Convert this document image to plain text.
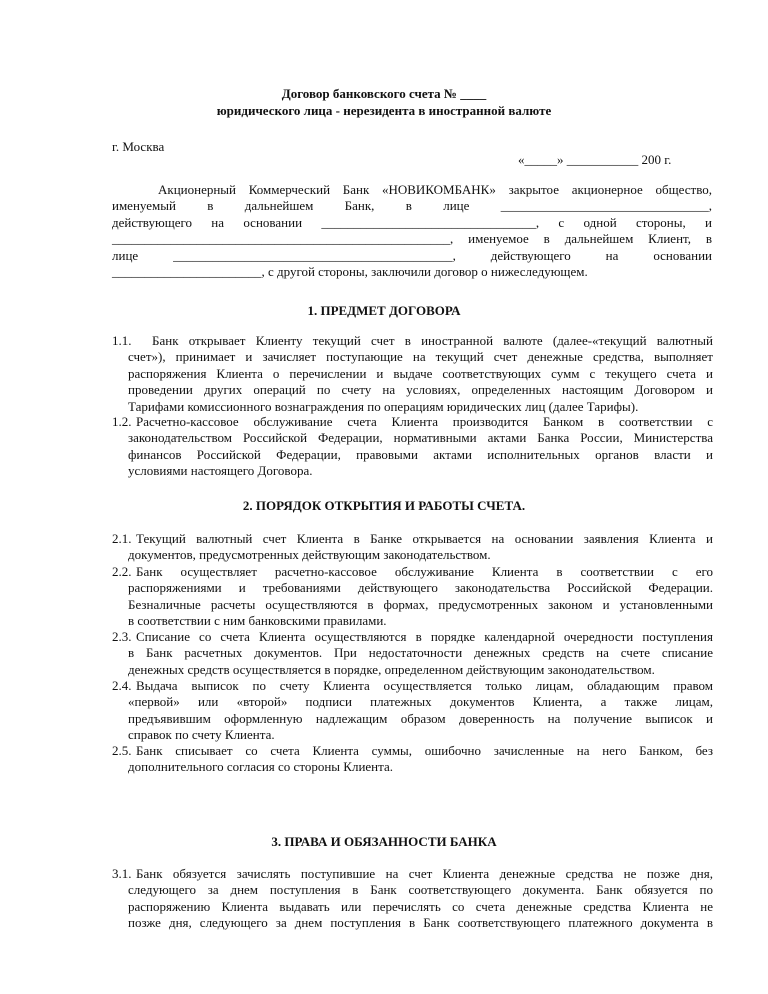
Договор банковского счета № ____
юридического лица - нерезидента в иностранной валюте
г. Москва
«_____» ___________ 200 г.
Акционерный Коммерческий Банк «НОВИКОМБАНК» закрытое акционерное общество,
именуемый в дальнейшем Банк, в лице ________________________________,
действующего на основании _________________________________, с одной стороны, и
____________________________________________________, именуемое в дальнейшем Клиент, в
лице ___________________________________________, действующего на основании
_______________________, с другой стороны, заключили договор о нижеследующем.
1. ПРЕДМЕТ ДОГОВОРА
1.1. Банк открывает Клиенту текущий счет в иностранной валюте (далее-«текущий валютный
счет»), принимает и зачисляет поступающие на текущий счет денежные средства, выполняет
распоряжения Клиента о перечислении и выдаче соответствующих сумм с текущего счета и
проведении других операций по счету на условиях, определенных настоящим Договором и
Тарифами комиссионного вознаграждения по операциям юридических лиц (далее Тарифы).
1.2. Расчетно-кассовое обслуживание счета Клиента производится Банком в соответствии с
законодательством Российской Федерации, нормативными актами Банка России, Министерства
финансов Российской Федерации, правовыми актами исполнительных органов власти и
условиями настоящего Договора.
2. ПОРЯДОК ОТКРЫТИЯ И РАБОТЫ СЧЕТА.
2.1. Текущий валютный счет Клиента в Банке открывается на основании заявления Клиента и
документов, предусмотренных действующим законодательством.
2.2. Банк осуществляет расчетно-кассовое обслуживание Клиента в соответствии с его
распоряжениями и требованиями действующего законодательства Российской Федерации.
Безналичные расчеты осуществляются в формах, предусмотренных законом и установленными
в соответствии с ним банковскими правилами.
2.3. Списание со счета Клиента осуществляются в порядке календарной очередности поступления
в Банк расчетных документов. При недостаточности денежных средств на счете списание
денежных средств осуществляется в порядке, определенном действующим законодательством.
2.4. Выдача выписок по счету Клиента осуществляется только лицам, обладающим правом
«первой» или «второй» подписи платежных документов Клиента, а также лицам,
предъявившим оформленную надлежащим образом доверенность на получение выписок и
справок по счету Клиента.
2.5. Банк списывает со счета Клиента суммы, ошибочно зачисленные на него Банком, без
дополнительного согласия со стороны Клиента.
3. ПРАВА И ОБЯЗАННОСТИ БАНКА
3.1. Банк обязуется зачислять поступившие на счет Клиента денежные средства не позже дня,
следующего за днем поступления в Банк соответствующего документа. Банк обязуется по
распоряжению Клиента выдавать или перечислять со счета денежные средства Клиента не
позже дня, следующего за днем поступления в Банк соответствующего платежного документа в
